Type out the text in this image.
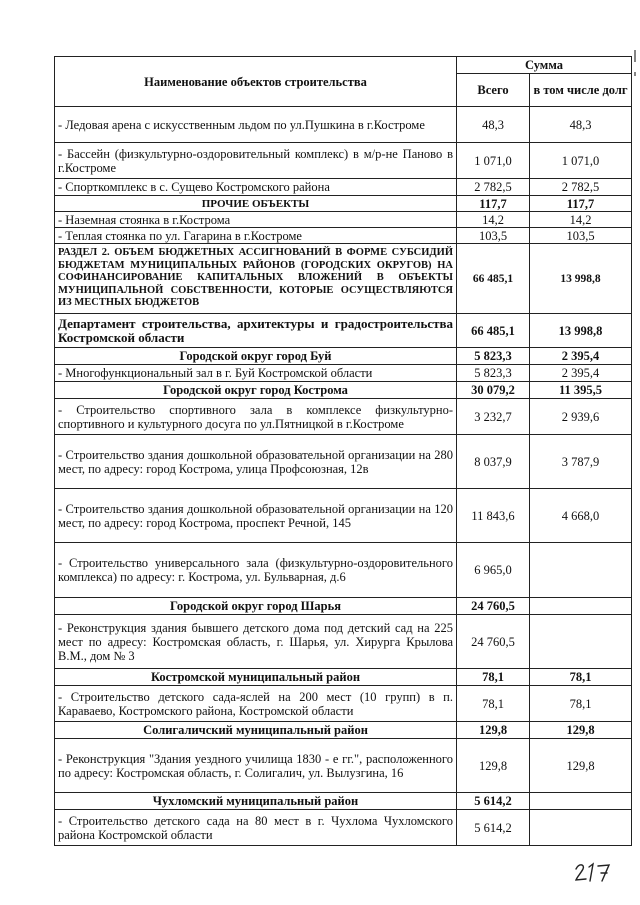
Наименование объектов строительства	Сумма	
	Всего	в том числе долг
- Ледовая арена с искусственным льдом по ул.Пушкина в г.Костроме	48,3	48,3
- Бассейн (физкультурно-оздоровительный комплекс) в м/р-не Паново в г.Костроме	1 071,0	1 071,0
- Спорткомплекс в с. Сущево Костромского района	2 782,5	2 782,5
ПРОЧИЕ ОБЪЕКТЫ	117,7	117,7
- Наземная стоянка в г.Кострома	14,2	14,2
- Теплая стоянка по ул. Гагарина в г.Костроме	103,5	103,5
РАЗДЕЛ 2. ОБЪЕМ БЮДЖЕТНЫХ АССИГНОВАНИЙ В ФОРМЕ СУБСИДИЙ БЮДЖЕТАМ МУНИЦИПАЛЬНЫХ РАЙОНОВ (ГОРОДСКИХ ОКРУГОВ) НА СОФИНАНСИРОВАНИЕ КАПИТАЛЬНЫХ ВЛОЖЕНИЙ В ОБЪЕКТЫ МУНИЦИПАЛЬНОЙ СОБСТВЕННОСТИ, КОТОРЫЕ ОСУЩЕСТВЛЯЮТСЯ ИЗ МЕСТНЫХ БЮДЖЕТОВ	66 485,1	13 998,8
Департамент строительства, архитектуры и градостроительства Костромской области	66 485,1	13 998,8
Городской округ город Буй	5 823,3	2 395,4
- Многофункциональный зал в г. Буй Костромской области	5 823,3	2 395,4
Городской округ город Кострома	30 079,2	11 395,5
- Строительство спортивного зала в комплексе физкультурно-спортивного и культурного досуга по ул.Пятницкой в г.Костроме	3 232,7	2 939,6
- Строительство здания дошкольной образовательной организации на 280 мест, по адресу: город Кострома, улица Профсоюзная, 12в	8 037,9	3 787,9
- Строительство здания дошкольной образовательной организации на 120 мест, по адресу: город Кострома, проспект Речной, 145	11 843,6	4 668,0
- Строительство универсального зала (физкультурно-оздоровительного комплекса) по адресу: г. Кострома, ул. Бульварная, д.6	6 965,0	
Городской округ город Шарья	24 760,5	
- Реконструкция здания бывшего детского дома под детский сад на 225 мест по адресу: Костромская область, г. Шарья, ул. Хирурга Крылова В.М., дом № 3	24 760,5	
Костромской муниципальный район	78,1	78,1
- Строительство детского сада-яслей на 200 мест (10 групп) в п. Караваево, Костромского района, Костромской области	78,1	78,1
Солигаличский муниципальный район	129,8	129,8
- Реконструкция "Здания уездного училища 1830 - е гг.", расположенного по адресу: Костромская область, г. Солигалич, ул. Вылузгина, 16	129,8	129,8
Чухломский муниципальный район	5 614,2	
- Строительство детского сада на 80 мест в г. Чухлома Чухломского района Костромской области	5 614,2	
